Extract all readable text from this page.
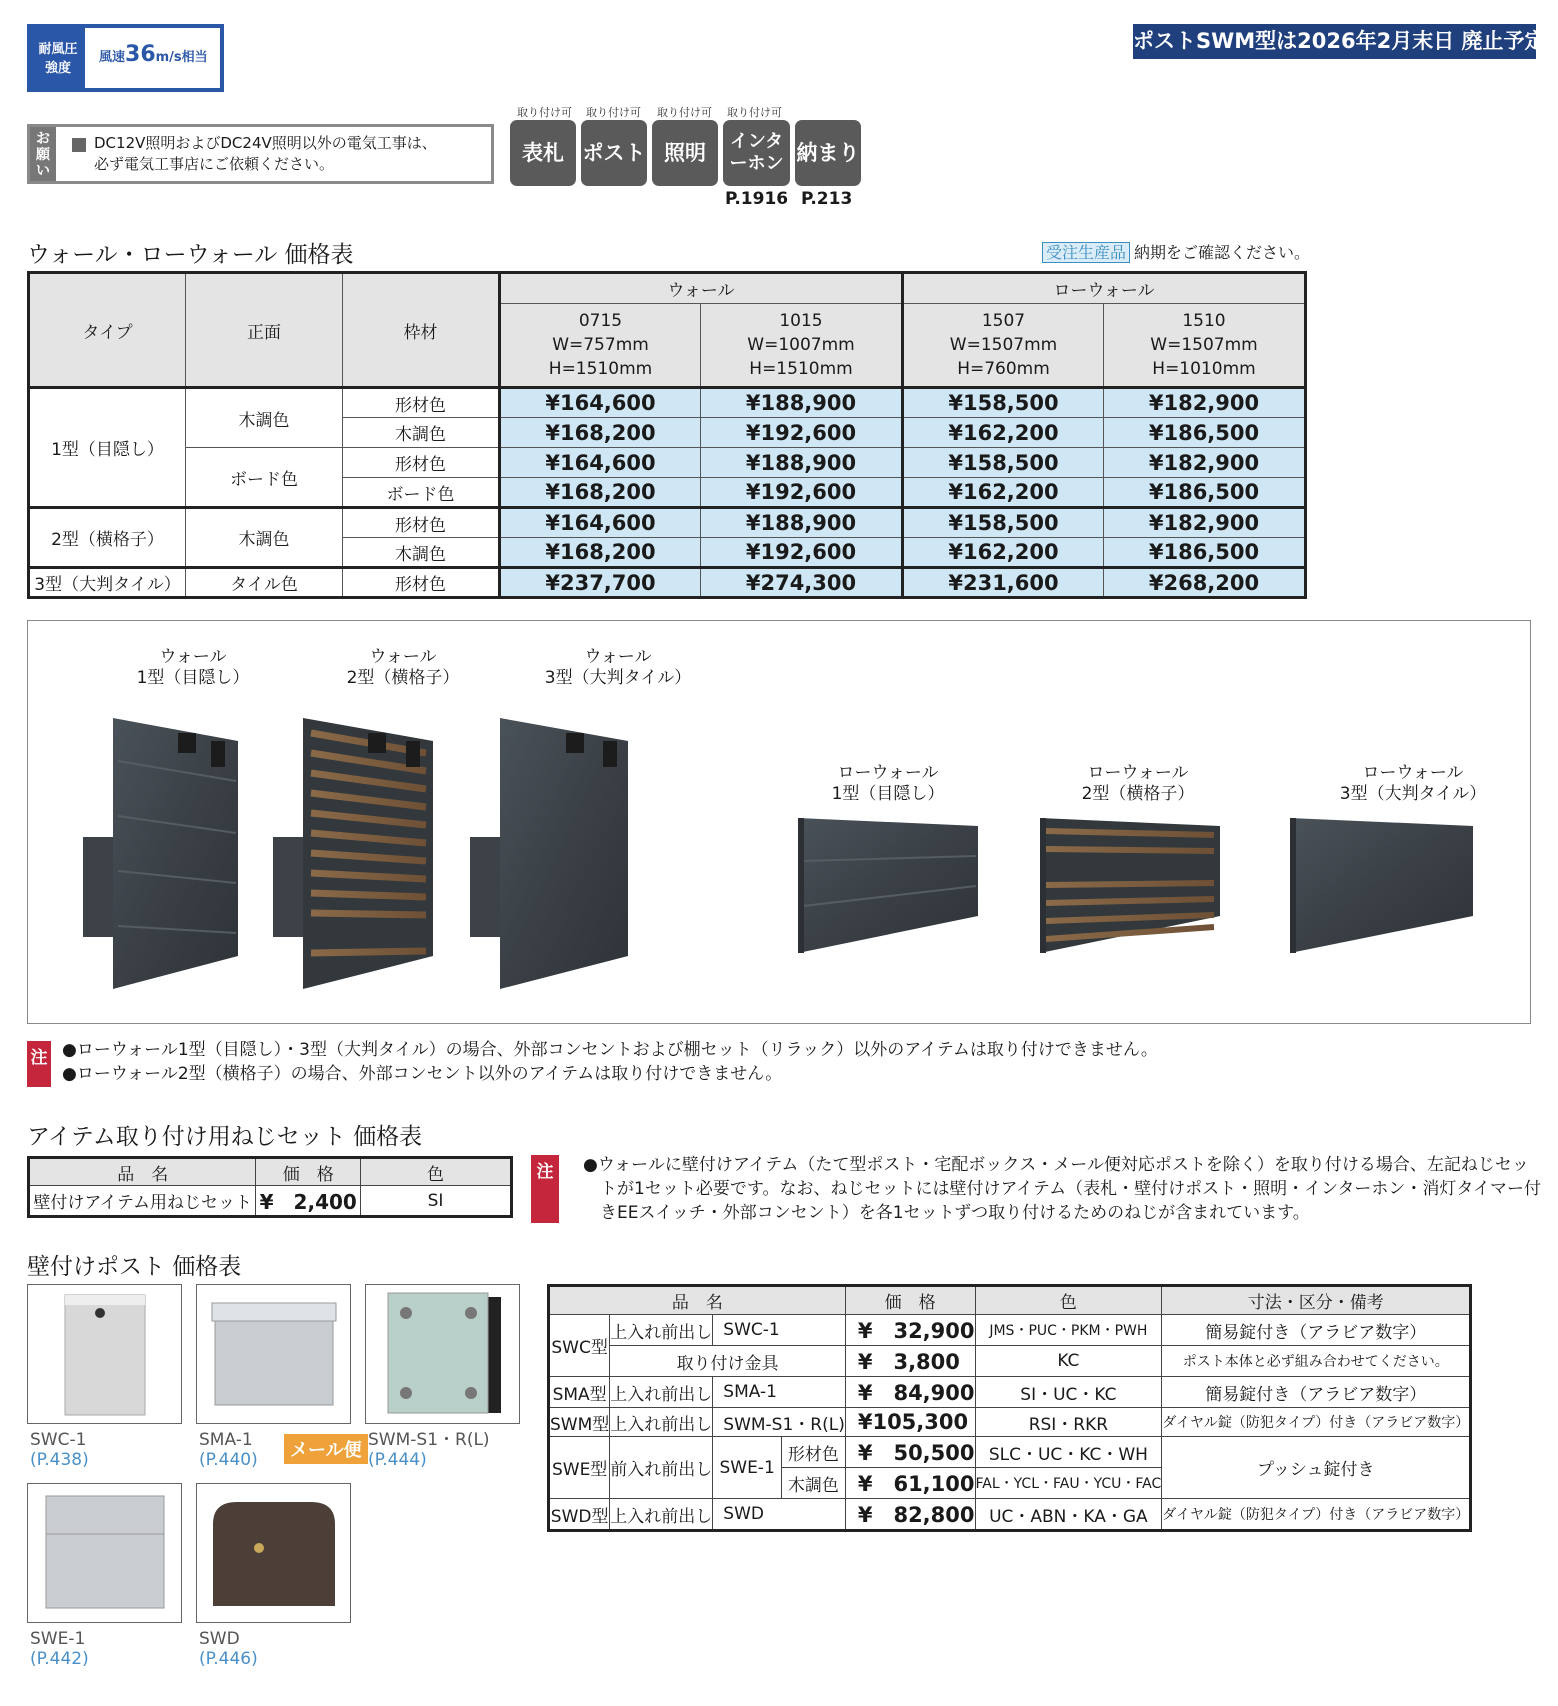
耐風圧
強度
風速36m/s相当
ポストSWM型は2026年2月末日 廃止予定
お願い
DC12V照明およびDC24V照明以外の電気工事は、
必ず電気工事店にご依頼ください。
取り付け可 取り付け可 取り付け可 取り付け可
表札 ポスト 照明	インターホン 納まり
P.1916 P.213
ウォール・ローウォール 価格表	受注生産品 納期をご確認ください。
タイプ	正面	枠材	ウォール		ローウォール	
			0715
W=757mm
H=1510mm	1015
W=1007mm
H=1510mm	1507
W=1507mm
H=760mm	1510
W=1507mm
H=1010mm
1型（目隠し）	木調色	形材色	¥164,600	¥188,900	¥158,500	¥182,900
		木調色	¥168,200	¥192,600	¥162,200	¥186,500
	ボード色	形材色	¥164,600	¥188,900	¥158,500	¥182,900
		ボード色	¥168,200	¥192,600	¥162,200	¥186,500
2型（横格子）	木調色	形材色	¥164,600	¥188,900	¥158,500	¥182,900
		木調色	¥168,200	¥192,600	¥162,200	¥186,500
3型（大判タイル）	タイル色	形材色	¥237,700	¥274,300	¥231,600	¥268,200
ウォール
1型（目隠し）
ウォール
2型（横格子）
ウォール
3型（大判タイル）
ローウォール
1型（目隠し）
ローウォール
2型（横格子）
ローウォール
3型（大判タイル）
注 ●ローウォール1型（目隠し）・3型（大判タイル）の場合、外部コンセントおよび棚セット（リラック）以外のアイテムは取り付けできません。
●ローウォール2型（横格子）の場合、外部コンセント以外のアイテムは取り付けできません。
アイテム取り付け用ねじセット 価格表
品　名	価　格	色
壁付けアイテム用ねじセット	¥　2,400	SI
注	●ウォールに壁付けアイテム（たて型ポスト・宅配ボックス・メール便対応ポストを除く）を取り付ける場合、左記ねじセッ
　トが1セット必要です。なお、ねじセットには壁付けアイテム（表札・壁付けポスト・照明・インターホン・消灯タイマー付
　きEEスイッチ・外部コンセント）を各1セットずつ取り付けるためのねじが含まれています。
壁付けポスト 価格表
SWC-1
(P.438)
SMA-1
(P.440)	メール便 SWM-S1・R(L)
(P.444)
SWE-1
(P.442)
SWD
(P.446)
品　名				価　格	色	寸法・区分・備考
SWC型	上入れ前出し	SWC-1		¥　32,900	JMS・PUC・PKM・PWH	簡易錠付き（アラビア数字）
	取り付け金具			¥　3,800	KC	ポスト本体と必ず組み合わせてください。
SMA型	上入れ前出し	SMA-1		¥　84,900	SI・UC・KC	簡易錠付き（アラビア数字）
SWM型	上入れ前出し	SWM-S1・R(L)		¥105,300	RSI・RKR	ダイヤル錠（防犯タイプ）付き（アラビア数字）
SWE型	前入れ前出し	SWE-1	形材色	¥　50,500	SLC・UC・KC・WH	プッシュ錠付き
			木調色	¥　61,100	FAL・YCL・FAU・YCU・FAC	
SWD型	上入れ前出し	SWD		¥　82,800	UC・ABN・KA・GA	ダイヤル錠（防犯タイプ）付き（アラビア数字）
